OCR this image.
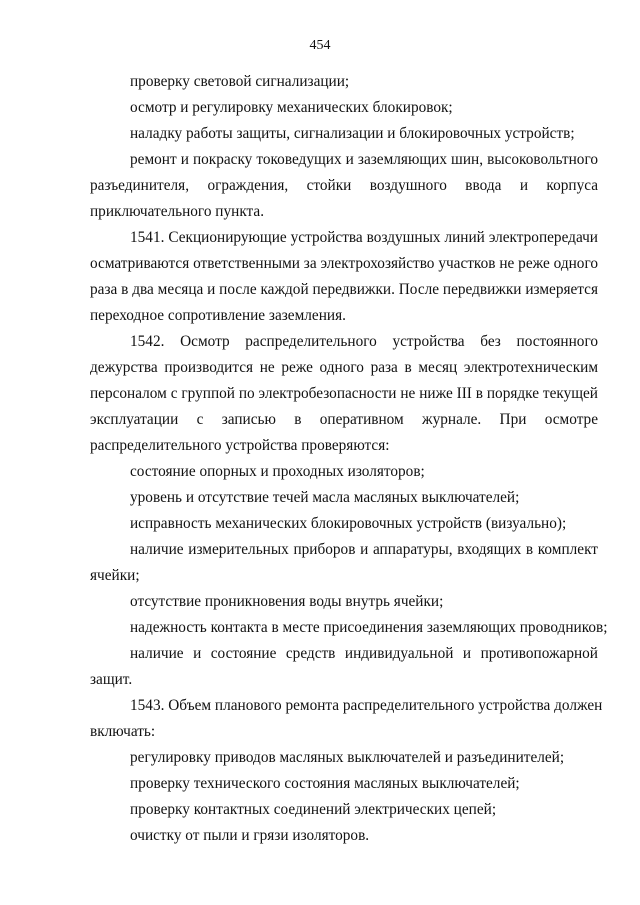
454
проверку световой сигнализации;
осмотр и регулировку механических блокировок;
наладку работы защиты, сигнализации и блокировочных устройств;
ремонт и покраску токоведущих и заземляющих шин, высоковольтного
разъединителя, ограждения, стойки воздушного ввода и корпуса
приключательного пункта.
1541. Секционирующие устройства воздушных линий электропередачи
осматриваются ответственными за электрохозяйство участков не реже одного
раза в два месяца и после каждой передвижки. После передвижки измеряется
переходное сопротивление заземления.
1542. Осмотр распределительного устройства без постоянного
дежурства производится не реже одного раза в месяц электротехническим
персоналом с группой по электробезопасности не ниже III в порядке текущей
эксплуатации с записью в оперативном журнале. При осмотре
распределительного устройства проверяются:
состояние опорных и проходных изоляторов;
уровень и отсутствие течей масла масляных выключателей;
исправность механических блокировочных устройств (визуально);
наличие измерительных приборов и аппаратуры, входящих в комплект
ячейки;
отсутствие проникновения воды внутрь ячейки;
надежность контакта в месте присоединения заземляющих проводников;
наличие и состояние средств индивидуальной и противопожарной
защит.
1543. Объем планового ремонта распределительного устройства должен
включать:
регулировку приводов масляных выключателей и разъединителей;
проверку технического состояния масляных выключателей;
проверку контактных соединений электрических цепей;
очистку от пыли и грязи изоляторов.
